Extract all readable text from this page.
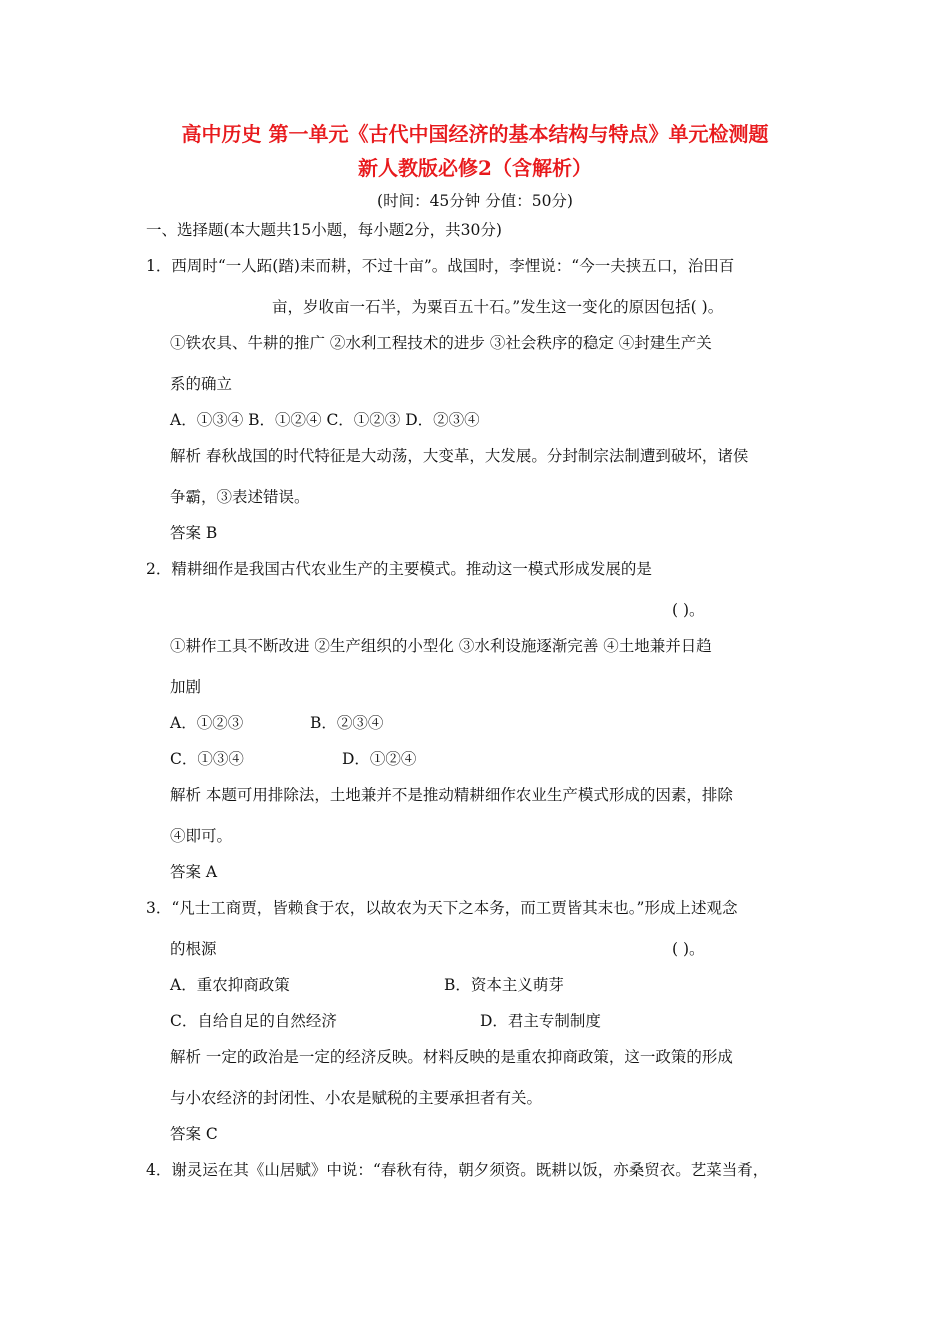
高中历史 第一单元《古代中国经济的基本结构与特点》单元检测题
新人教版必修2（含解析）
(时间：45分钟 分值：50分)
一、选择题(本大题共15小题，每小题2分，共30分)
1．西周时“一人跖(踏)耒而耕，不过十亩”。战国时，李悝说：“今一夫挟五口，治田百
亩，岁收亩一石半，为粟百五十石。”发生这一变化的原因包括( )。
①铁农具、牛耕的推广 ②水利工程技术的进步 ③社会秩序的稳定 ④封建生产关
系的确立
A．①③④ B．①②④ C．①②③ D．②③④
解析 春秋战国的时代特征是大动荡，大变革，大发展。分封制宗法制遭到破坏，诸侯
争霸，③表述错误。
答案 B
2．精耕细作是我国古代农业生产的主要模式。推动这一模式形成发展的是
( )。
①耕作工具不断改进 ②生产组织的小型化 ③水利设施逐渐完善 ④土地兼并日趋
加剧
A．①②③	B．②③④
C．①③④	D．①②④
解析 本题可用排除法，土地兼并不是推动精耕细作农业生产模式形成的因素，排除
④即可。
答案 A
3．“凡士工商贾，皆赖食于农，以故农为天下之本务，而工贾皆其末也。”形成上述观念
的根源	( )。
A．重农抑商政策	B．资本主义萌芽
C．自给自足的自然经济	D．君主专制制度
解析 一定的政治是一定的经济反映。材料反映的是重农抑商政策，这一政策的形成
与小农经济的封闭性、小农是赋税的主要承担者有关。
答案 C
4．谢灵运在其《山居赋》中说：“春秋有待，朝夕须资。既耕以饭，亦桑贸衣。艺菜当肴，
